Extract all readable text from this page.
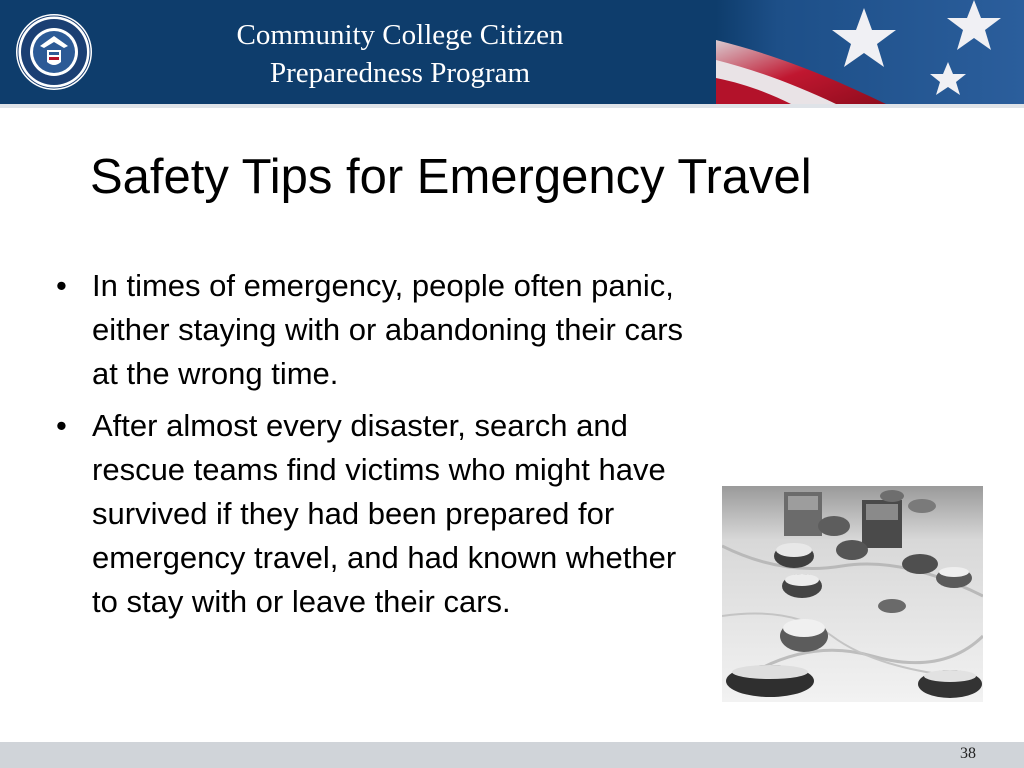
Community College Citizen
Preparedness Program
Safety Tips for Emergency Travel
• In times of emergency, people often panic, either staying with or abandoning their cars at the wrong time.
• After almost every disaster, search and rescue teams find victims who might have survived if they had been prepared for emergency travel, and had known whether to stay with or leave their cars.
38
